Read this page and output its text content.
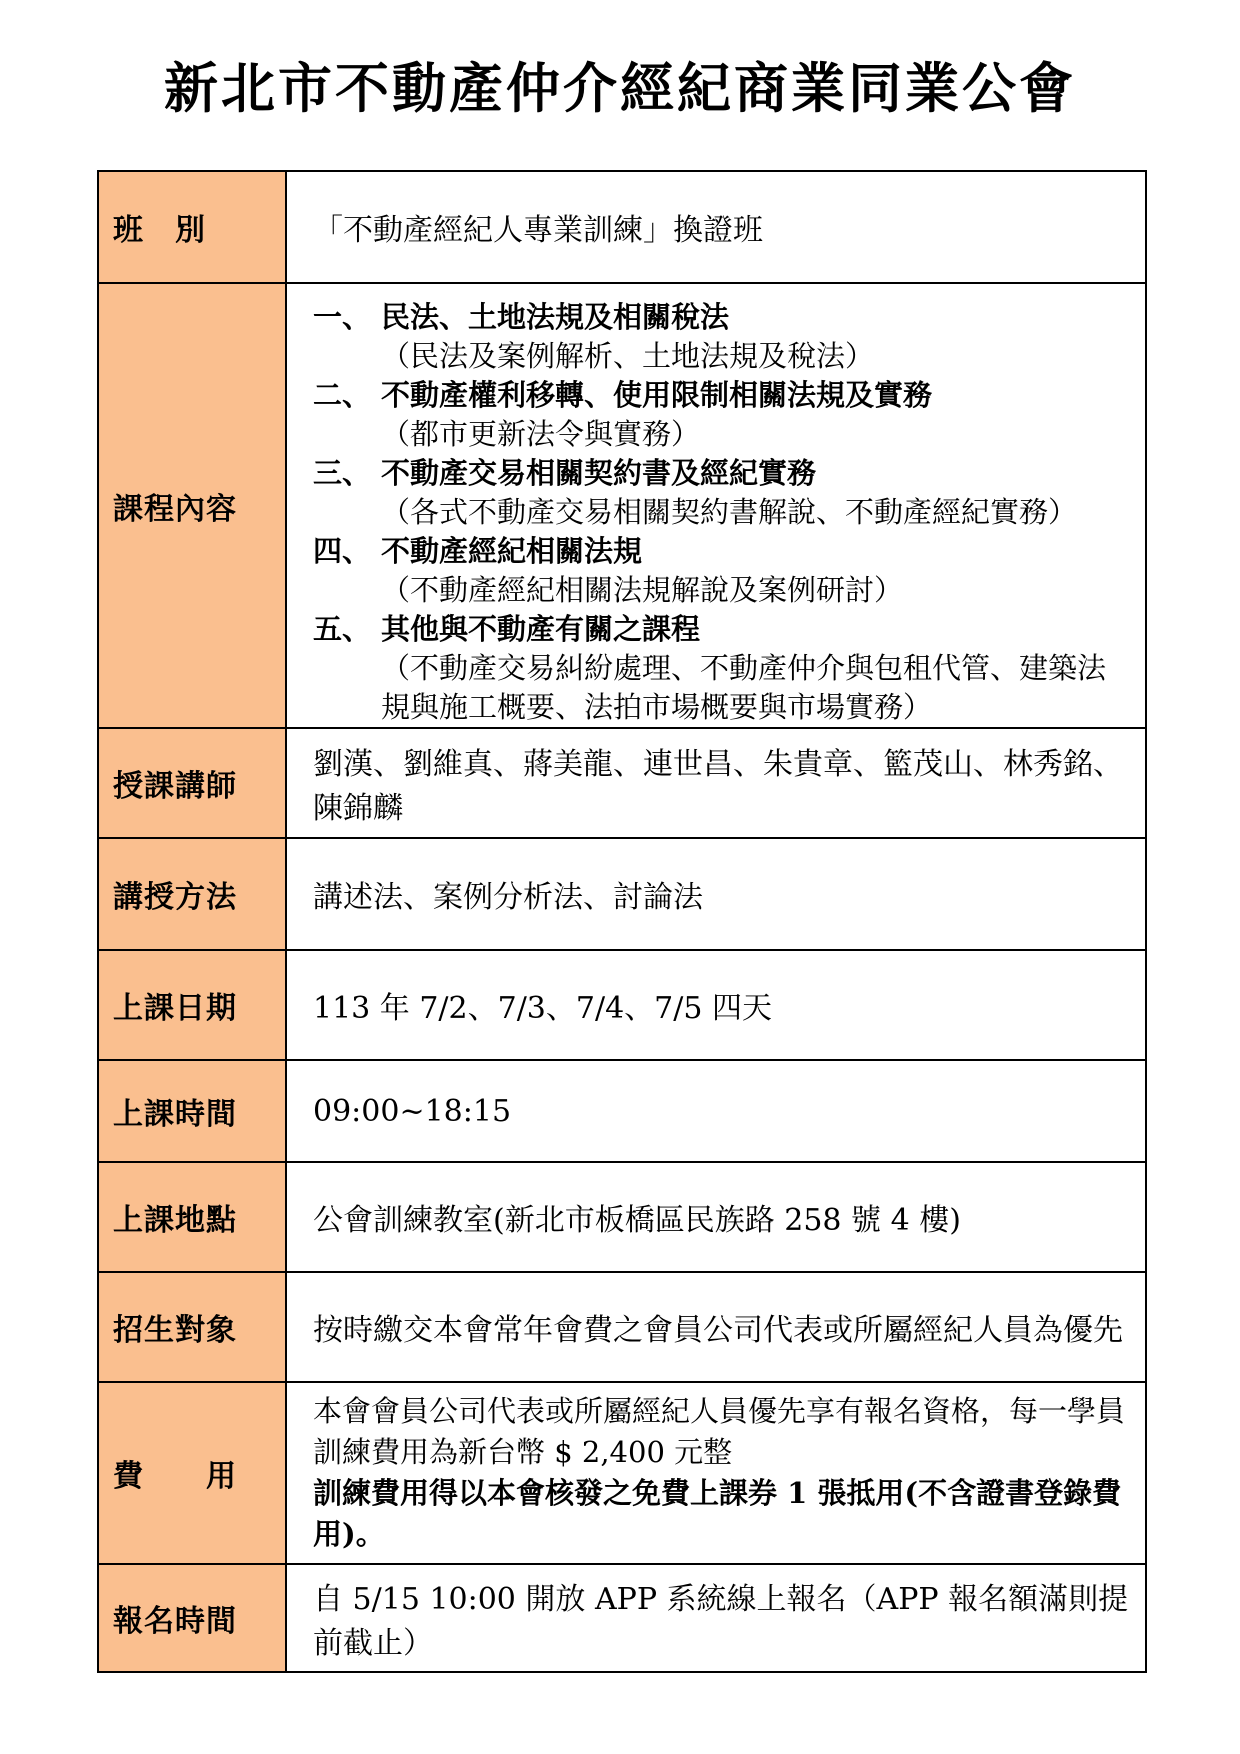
新北市不動產仲介經紀商業同業公會
班　別	「不動產經紀人專業訓練」換證班
課程內容	
一、 民法、土地法規及相關稅法
（民法及案例解析、土地法規及稅法）
二、 不動產權利移轉、使用限制相關法規及實務
（都市更新法令與實務）
三、 不動產交易相關契約書及經紀實務
（各式不動產交易相關契約書解說、不動產經紀實務）
四、 不動產經紀相關法規
（不動產經紀相關法規解說及案例研討）
五、 其他與不動產有關之課程
（不動產交易糾紛處理、不動產仲介與包租代管、建築法規與施工概要、法拍市場概要與市場實務）

授課講師	劉漢、劉維真、蔣美龍、連世昌、朱貴章、籃茂山、林秀銘、陳錦麟
講授方法	講述法、案例分析法、討論法
上課日期	113 年 7/2、7/3、7/4、7/5 四天
上課時間	09:00~18:15
上課地點	公會訓練教室(新北市板橋區民族路 258 號 4 樓)
招生對象	按時繳交本會常年會費之會員公司代表或所屬經紀人員為優先
費　　用	本會會員公司代表或所屬經紀人員優先享有報名資格，每一學員訓練費用為新台幣 $ 2,400 元整
訓練費用得以本會核發之免費上課券 1 張抵用(不含證書登錄費用)。

報名時間	自 5/15 10:00 開放 APP 系統線上報名（APP 報名額滿則提前截止）
